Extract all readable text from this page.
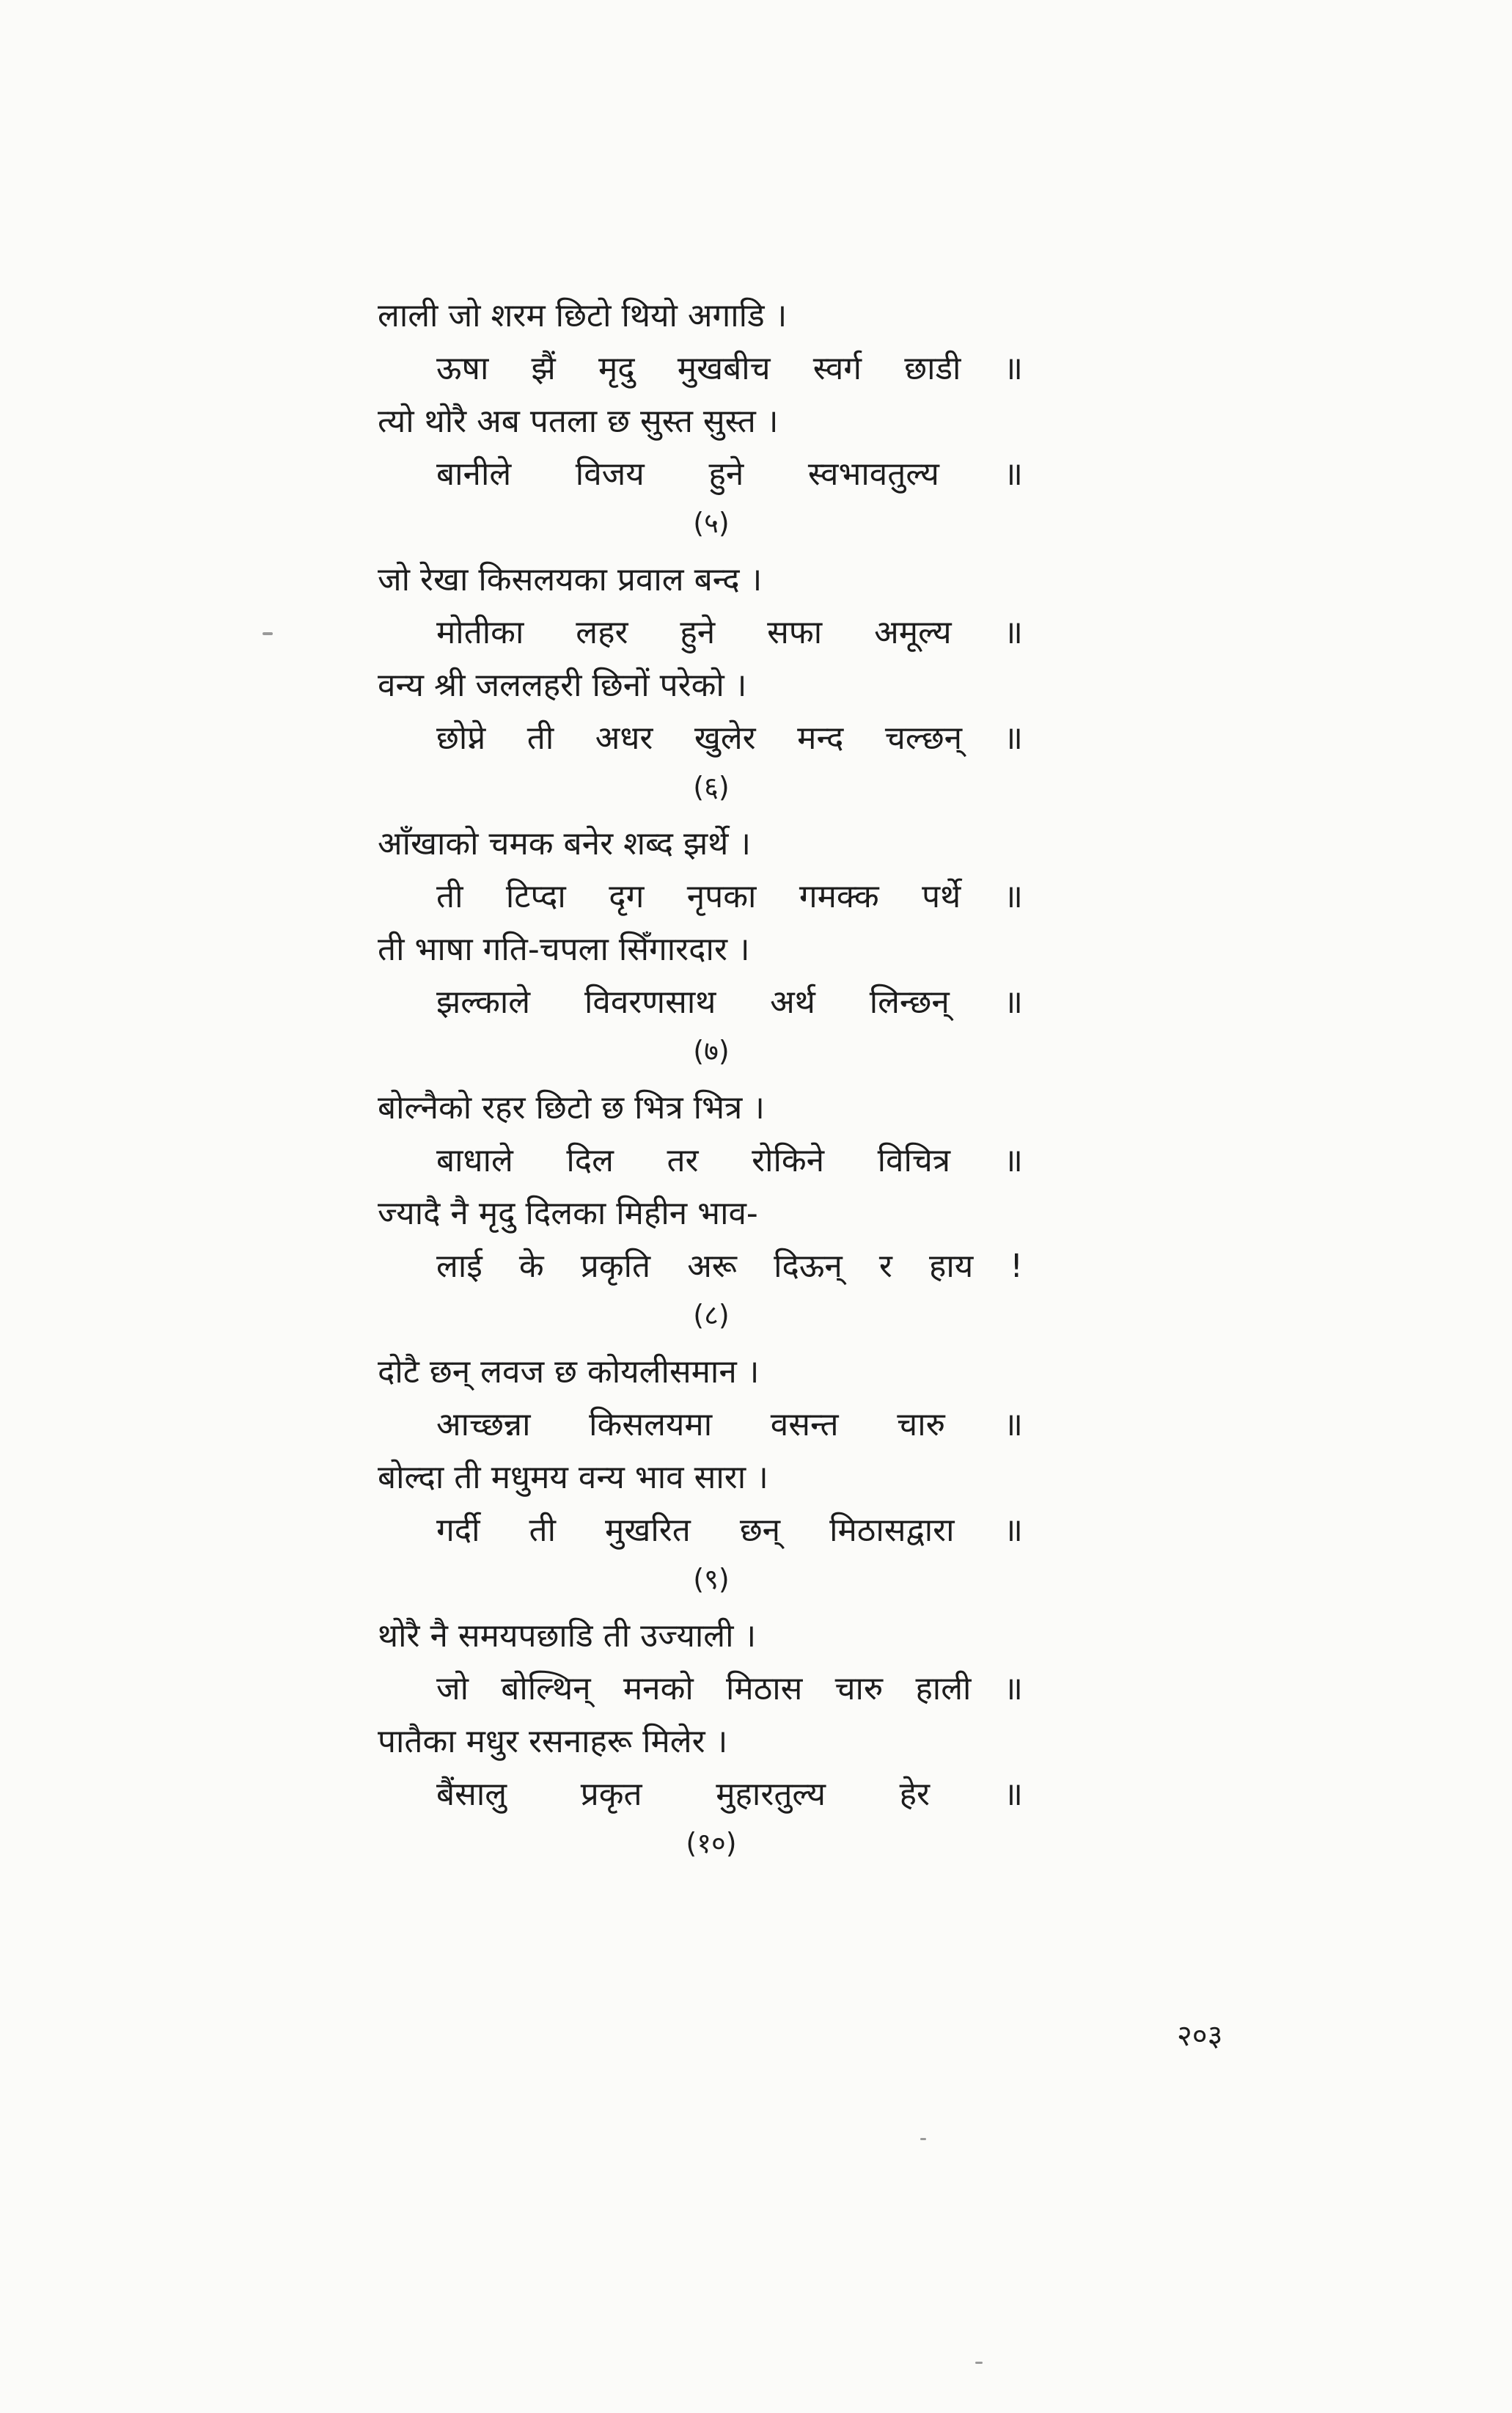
लाली जो शरम छिटो थियो अगाडि ।
ऊषा झैं मृदु मुखबीच स्वर्ग छाडी ॥
त्यो थोरै अब पतला छ सुस्त सुस्त ।
बानीले विजय हुने स्वभावतुल्य ॥
(५)
जो रेखा किसलयका प्रवाल बन्द ।
मोतीका लहर हुने सफा अमूल्य ॥
वन्य श्री जललहरी छिनों परेको ।
छोप्ने ती अधर खुलेर मन्द चल्छन् ॥
(६)
आँखाको चमक बनेर शब्द झर्थे ।
ती टिप्दा दृग नृपका गमक्क पर्थे ॥
ती भाषा गति-चपला सिँगारदार ।
झल्काले विवरणसाथ अर्थ लिन्छन् ॥
(७)
बोल्नैको रहर छिटो छ भित्र भित्र ।
बाधाले दिल तर रोकिने विचित्र ॥
ज्यादै नै मृदु दिलका मिहीन भाव-
लाई के प्रकृति अरू दिऊन् र हाय !
(८)
दोटै छन् लवज छ कोयलीसमान ।
आच्छन्ना किसलयमा वसन्त चारु ॥
बोल्दा ती मधुमय वन्य भाव सारा ।
गर्दी ती मुखरित छन् मिठासद्वारा ॥
(९)
थोरै नै समयपछाडि ती उज्याली ।
जो बोल्थिन् मनको मिठास चारु हाली ॥
पातैका मधुर रसनाहरू मिलेर ।
बैंसालु प्रकृत मुहारतुल्य हेर ॥
(१०)
२०३
